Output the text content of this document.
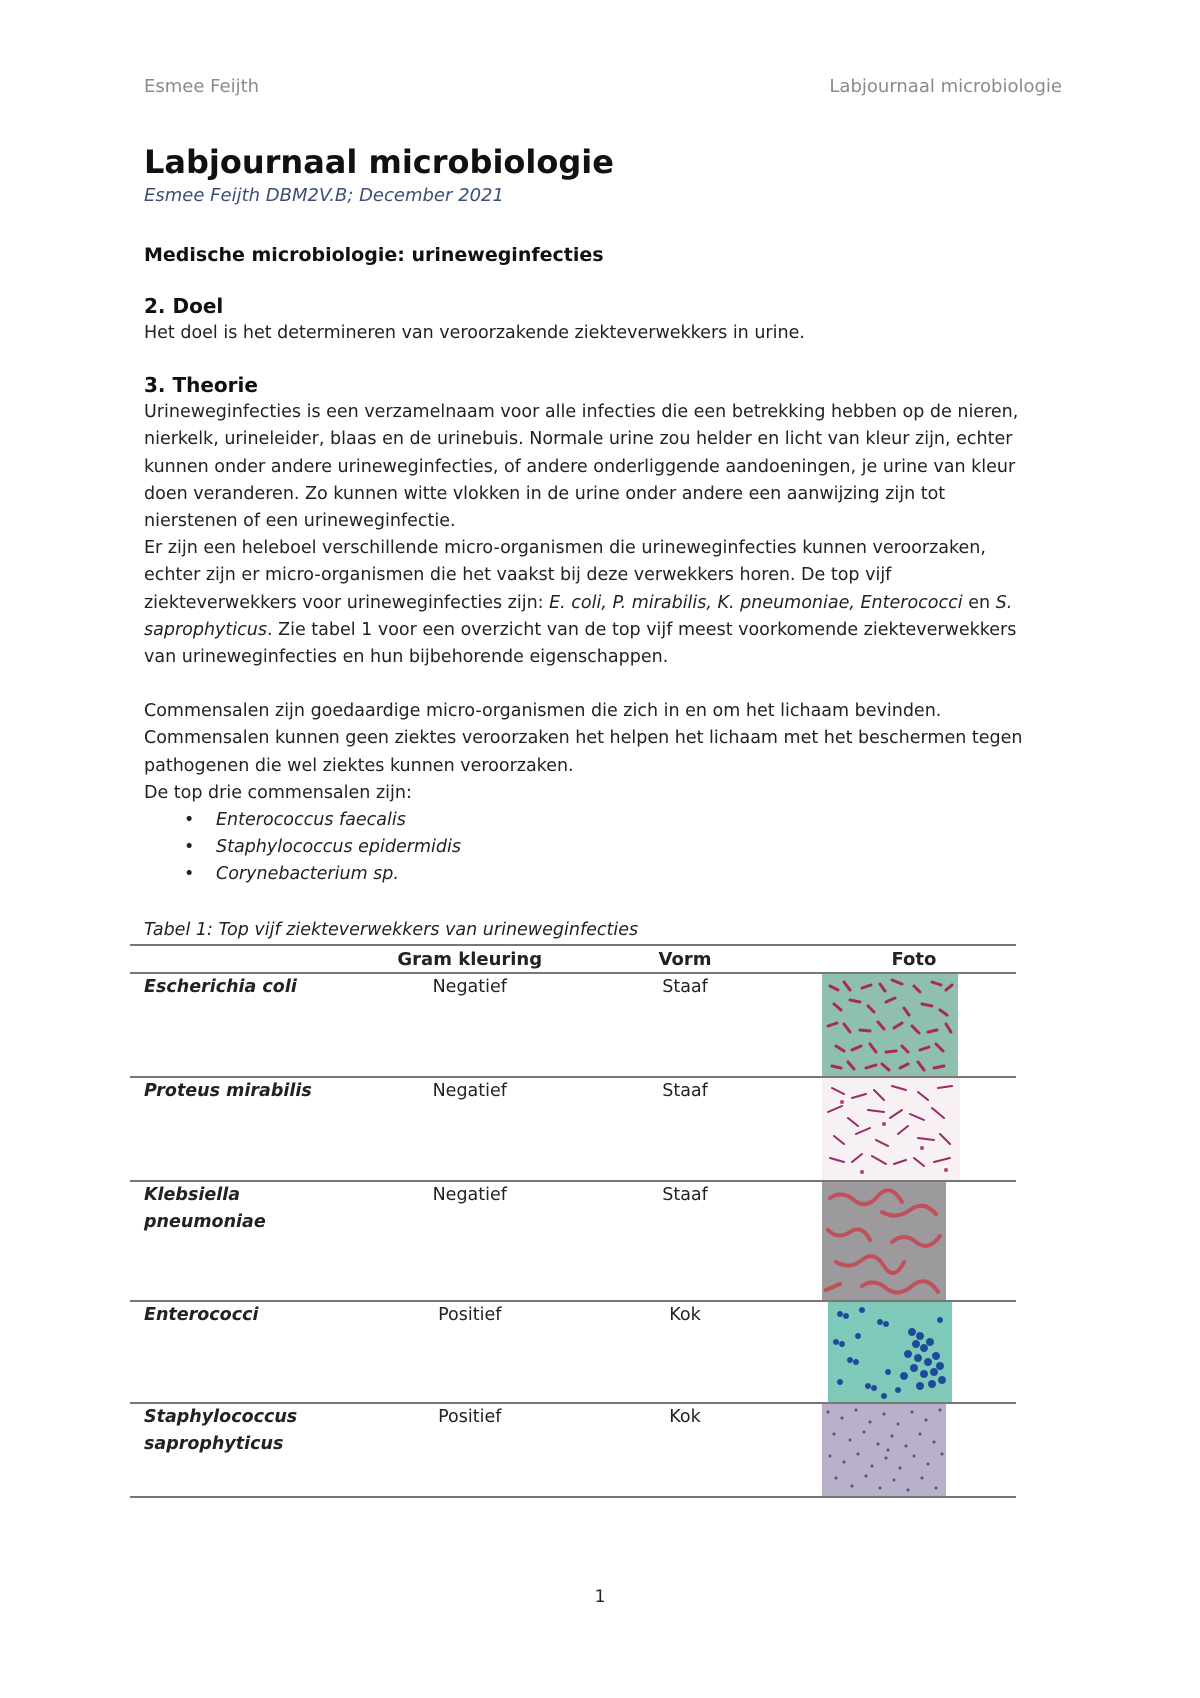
Esmee Feijth	Labjournaal microbiologie
Labjournaal microbiologie
Esmee Feijth DBM2V.B; December 2021
Medische microbiologie: urineweginfecties
2. Doel

Het doel is het determineren van veroorzakende ziekteverwekkers in urine.

3. Theorie

Urineweginfecties is een verzamelnaam voor alle infecties die een betrekking hebben op de nieren,

nierkelk, urineleider, blaas en de urinebuis. Normale urine zou helder en licht van kleur zijn, echter

kunnen onder andere urineweginfecties, of andere onderliggende aandoeningen, je urine van kleur

doen veranderen. Zo kunnen witte vlokken in de urine onder andere een aanwijzing zijn tot

nierstenen of een urineweginfectie.

Er zijn een heleboel verschillende micro-organismen die urineweginfecties kunnen veroorzaken,

echter zijn er micro-organismen die het vaakst bij deze verwekkers horen. De top vijf

ziekteverwekkers voor urineweginfecties zijn: E. coli, P. mirabilis, K. pneumoniae, Enterococci en S.

saprophyticus. Zie tabel 1 voor een overzicht van de top vijf meest voorkomende ziekteverwekkers

van urineweginfecties en hun bijbehorende eigenschappen.

Commensalen zijn goedaardige micro-organismen die zich in en om het lichaam bevinden.

Commensalen kunnen geen ziektes veroorzaken het helpen het lichaam met het beschermen tegen

pathogenen die wel ziektes kunnen veroorzaken.

De top drie commensalen zijn:

• Enterococcus faecalis
• Staphylococcus epidermidis
• Corynebacterium sp.
Tabel 1: Top vijf ziekteverwekkers van urineweginfecties
	Gram kleuring	Vorm	Foto

Escherichia coli	Negatief	Staaf	

Proteus mirabilis	Negatief	Staaf	

Klebsiella
pneumoniae	Negatief	Staaf	

Enterococci	Positief	Kok	

Staphylococcus
saprophyticus	Positief	Kok	
1
